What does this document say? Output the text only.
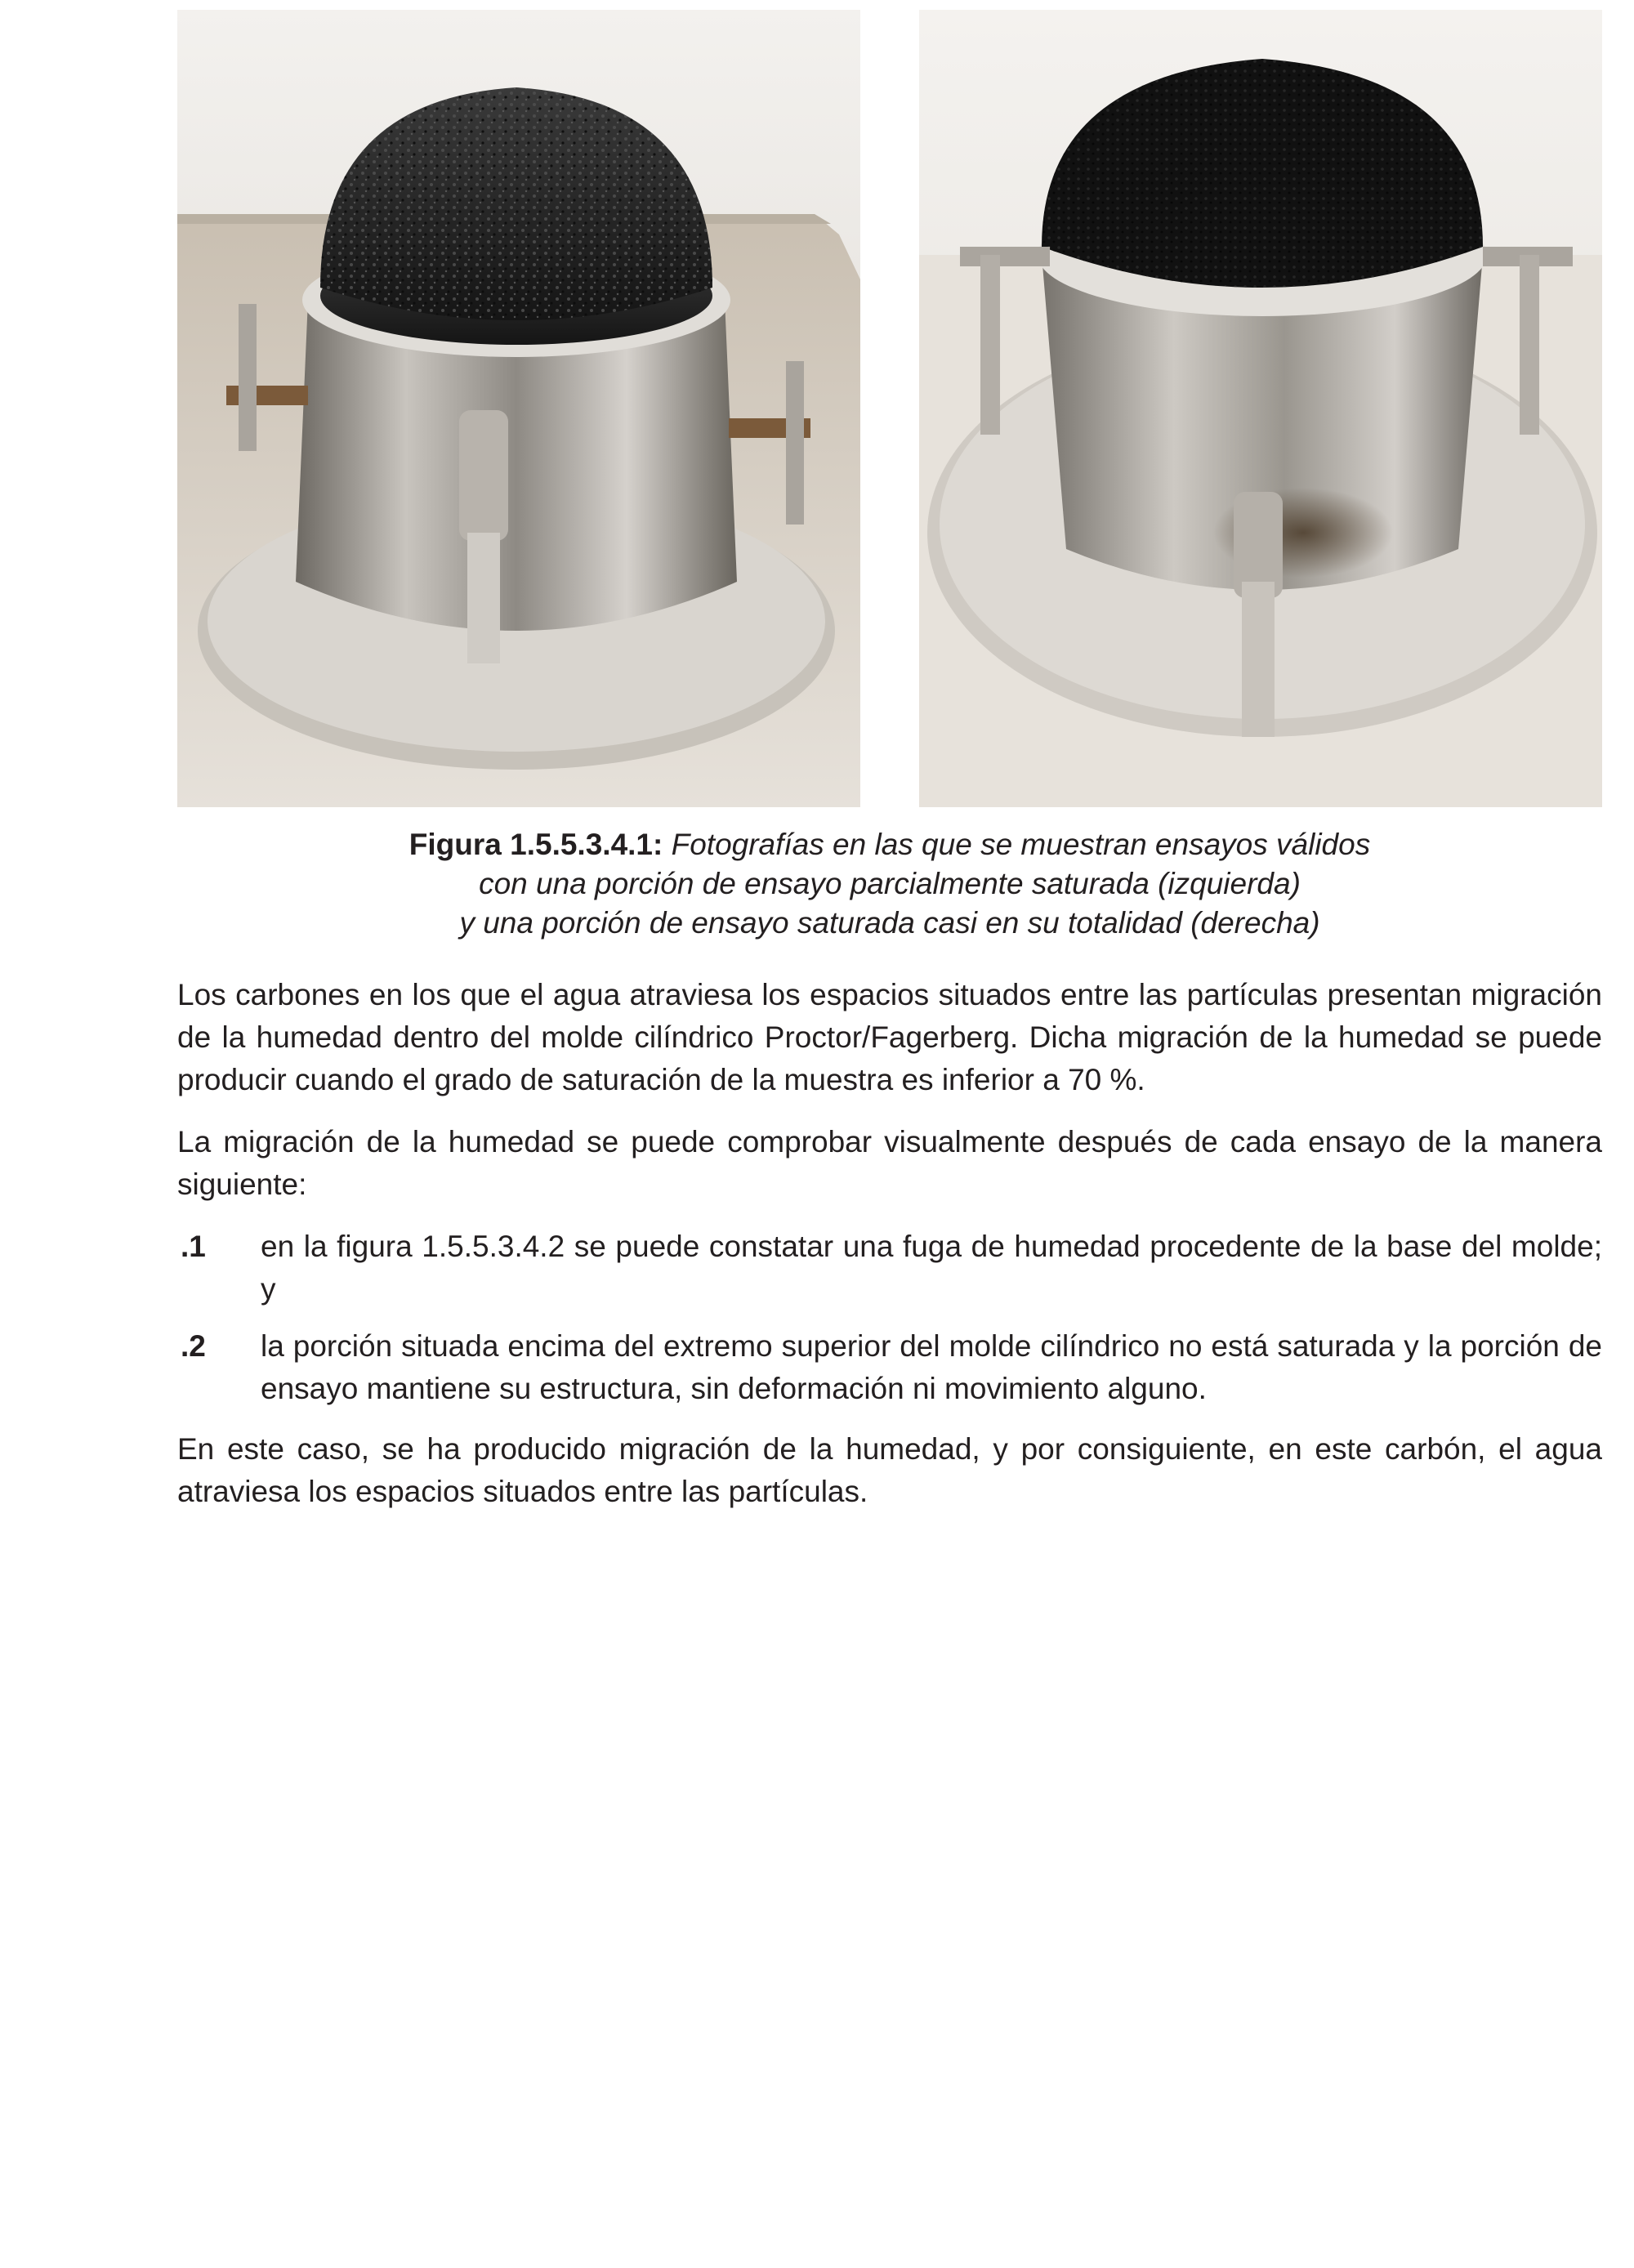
Figura 1.5.5.3.4.1: Fotografías en las que se muestran ensayos válidos
con una porción de ensayo parcialmente saturada (izquierda)
y una porción de ensayo saturada casi en su totalidad (derecha)

Los carbones en los que el agua atraviesa los espacios situados entre las partículas presentan migración de la humedad dentro del molde cilíndrico Proctor/Fagerberg. Dicha migración de la humedad se puede producir cuando el grado de saturación de la muestra es inferior a 70 %.

La migración de la humedad se puede comprobar visualmente después de cada ensayo de la manera siguiente:

.1	en la figura 1.5.5.3.4.2 se puede constatar una fuga de humedad procedente de la base del molde; y
.2	la porción situada encima del extremo superior del molde cilíndrico no está saturada y la porción de ensayo mantiene su estructura, sin deformación ni movimiento alguno.

En este caso, se ha producido migración de la humedad, y por consiguiente, en este carbón, el agua atraviesa los espacios situados entre las partículas.
